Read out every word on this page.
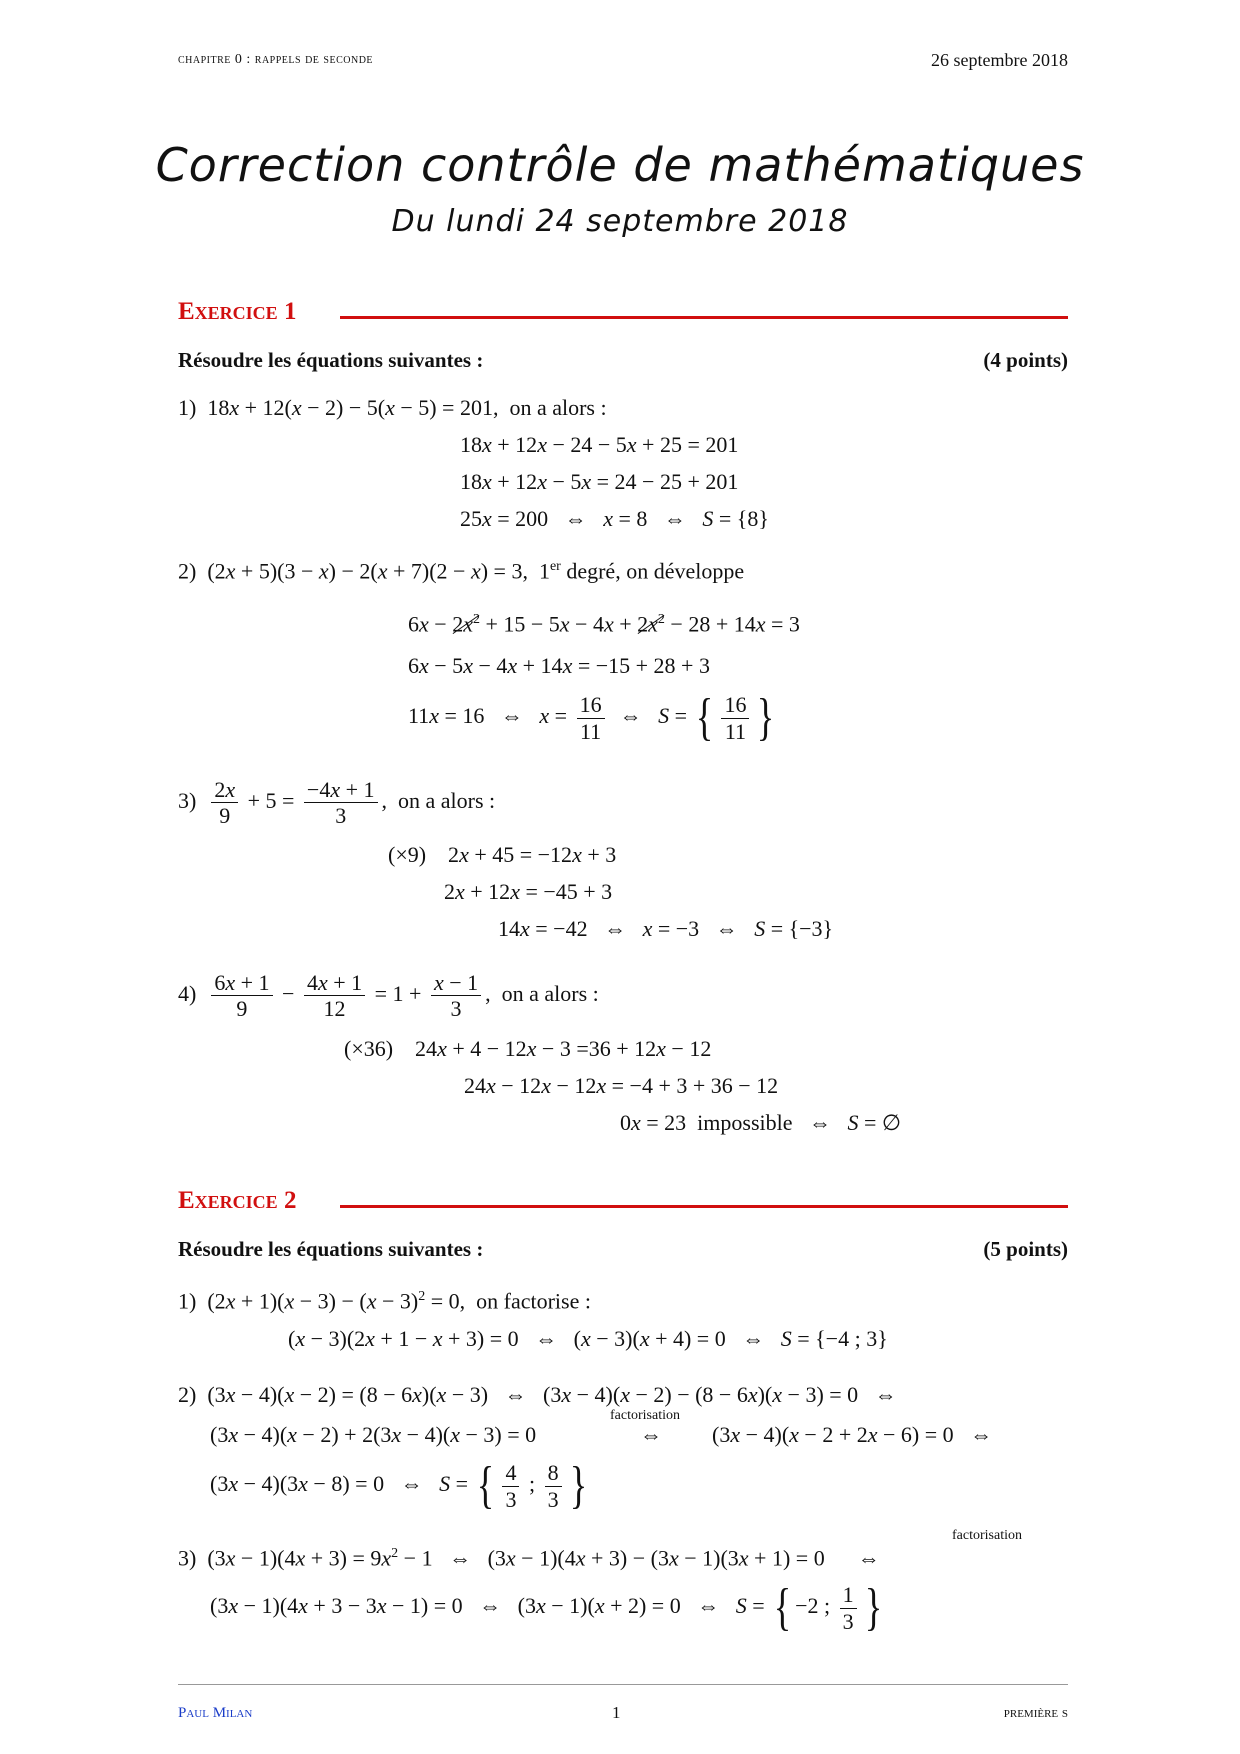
chapitre 0 : rappels de seconde	26 septembre 2018
Correction contrôle de mathématiques
Du lundi 24 septembre 2018
Exercice 1
Résoudre les équations suivantes :	(4 points)
1)  18x + 12(x − 2) − 5(x − 5) = 201,  on a alors :
18x + 12x − 24 − 5x + 25 = 201
18x + 12x − 5x = 24 − 25 + 201
25x = 200   ⇔   x = 8   ⇔   S = {8}
2)  (2x + 5)(3 − x) − 2(x + 7)(2 − x) = 3,  1er degré, on développe
$6x - 2x^2 + 15 - 5x - 4x + 2x^2 - 28 + 14x = 3$
6x − 5x − 4x + 14x = −15 + 28 + 3
11x = 16   ⇔   $x = \frac{16}{11}$ ⇔   S = { $\frac{16}{11}$ }
$3) \frac{2x}{9} + 5 = \frac{-4x + 1}{3}$ ,  on a alors :
(×9)    2x + 45 = −12x + 3
2x + 12x = −45 + 3
14x = −42   ⇔   x = −3   ⇔   S = {−3}
$4) \frac{6x + 1}{9} - \frac{4x + 1}{12} = 1 + \frac{x - 1}{3}$ ,  on a alors :
(×36)    24x + 4 − 12x − 3 =36 + 12x − 12
24x − 12x − 12x = −4 + 3 + 36 − 12
0x = 23  impossible   ⇔   S = ∅
Exercice 2
Résoudre les équations suivantes :	(5 points)
1)  $(2x + 1)(x - 3) - (x - 3)^2 = 0$,  on factorise :
(x − 3)(2x + 1 − x + 3) = 0   ⇔   (x − 3)(x + 4) = 0   ⇔   S = {−4 ; 3}
2)  (3x − 4)(x − 2) = (8 − 6x)(x − 3)   ⇔   (3x − 4)(x − 2) − (8 − 6x)(x − 3) = 0   ⇔
(3x − 4)(x − 2) + 2(3x − 4)(x − 3) = 0
factorisation
⇔ (3x − 4)(x − 2 + 2x − 6) = 0   ⇔
(3x − 4)(3x − 8) = 0   ⇔   S = { $\frac{4}{3}$ ; $\frac{8}{3}$ }
factorisation
3)  $(3x - 1)(4x + 3) = 9x^2 - 1$   ⇔   (3x − 1)(4x + 3) − (3x − 1)(3x + 1) = 0      ⇔
(3x − 1)(4x + 3 − 3x − 1) = 0   ⇔   (3x − 1)(x + 2) = 0   ⇔   S = { −2 ; $\frac{1}{3}$ }
Paul Milan	1	première s
